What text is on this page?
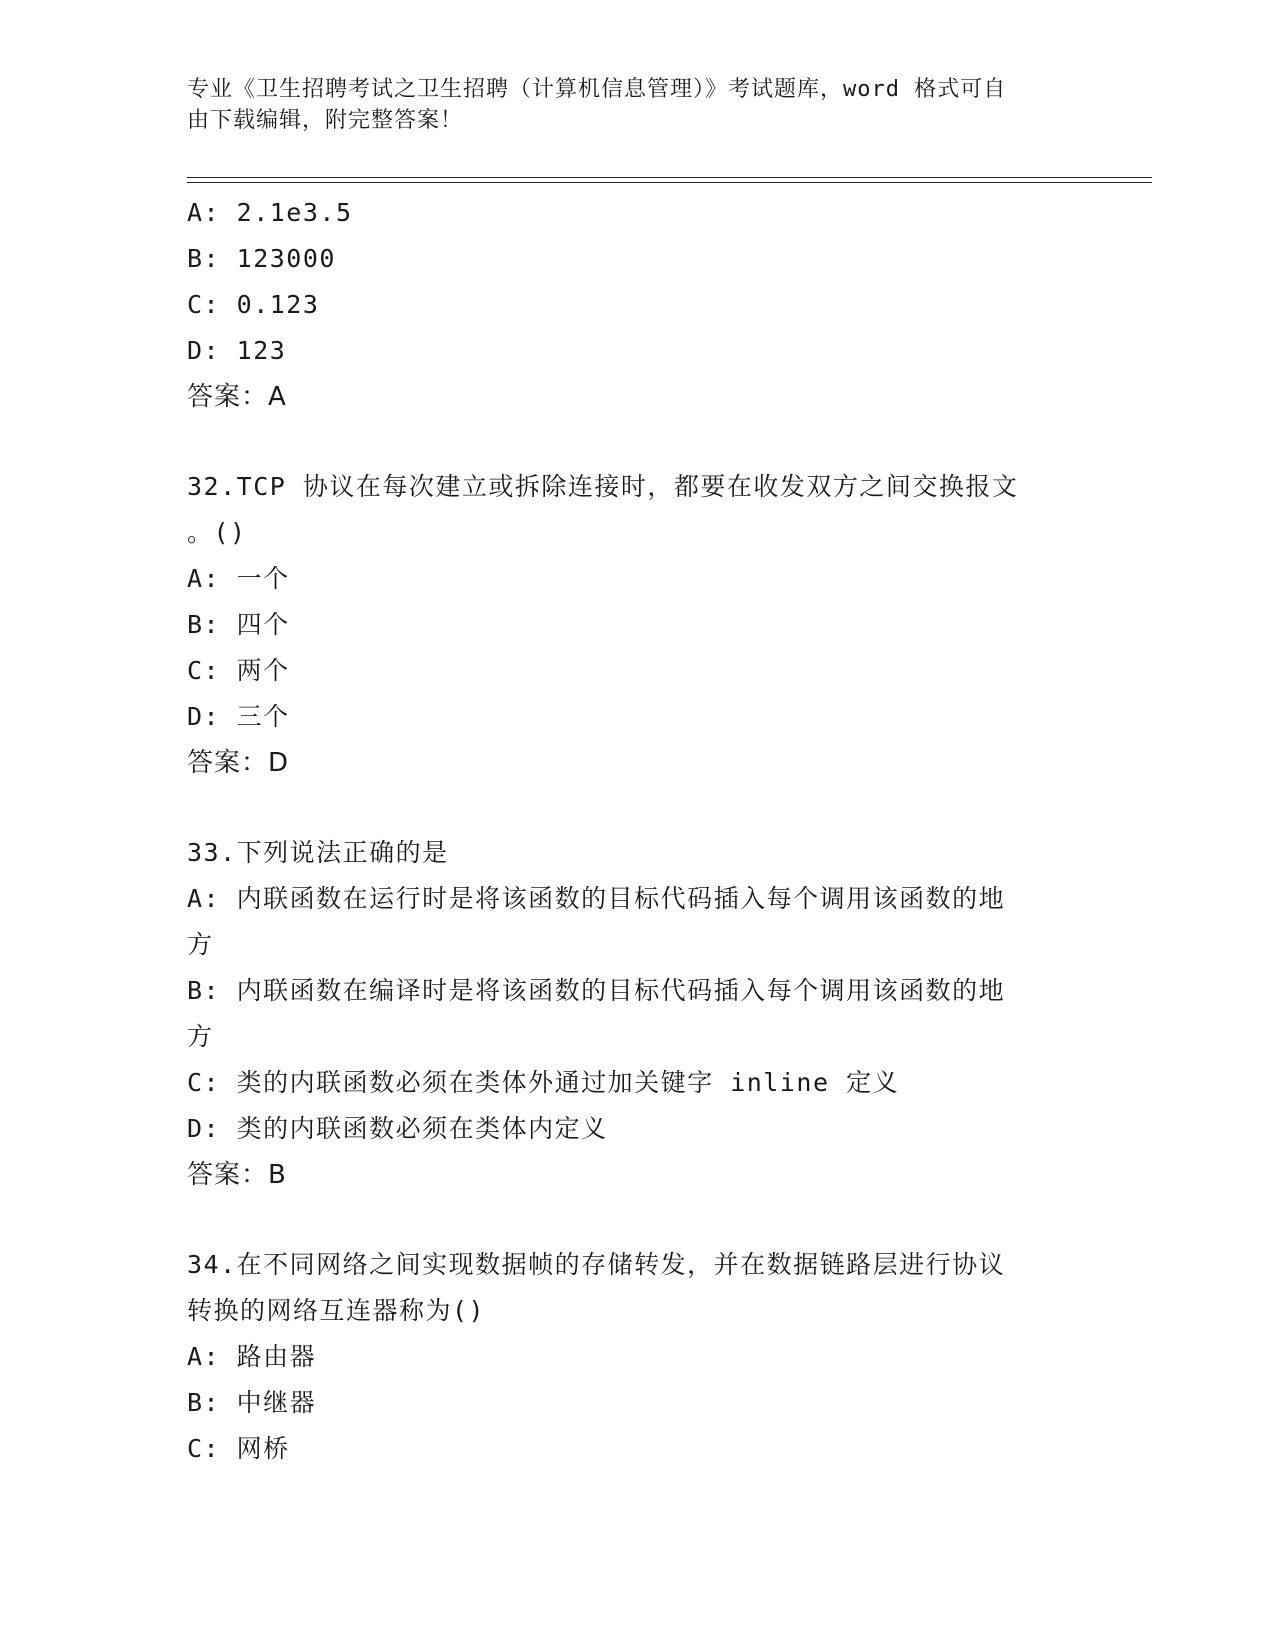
专业《卫生招聘考试之卫生招聘（计算机信息管理）》考试题库，word 格式可自
由下载编辑，附完整答案！
A: 2.1e3.5
B: 123000
C: 0.123
D: 123
答案：A
32.TCP 协议在每次建立或拆除连接时，都要在收发双方之间交换报文
。()
A: 一个
B: 四个
C: 两个
D: 三个
答案：D
33.下列说法正确的是
A: 内联函数在运行时是将该函数的目标代码插入每个调用该函数的地
方
B: 内联函数在编译时是将该函数的目标代码插入每个调用该函数的地
方
C: 类的内联函数必须在类体外通过加关键字 inline 定义
D: 类的内联函数必须在类体内定义
答案：B
34.在不同网络之间实现数据帧的存储转发，并在数据链路层进行协议
转换的网络互连器称为()
A: 路由器
B: 中继器
C: 网桥
